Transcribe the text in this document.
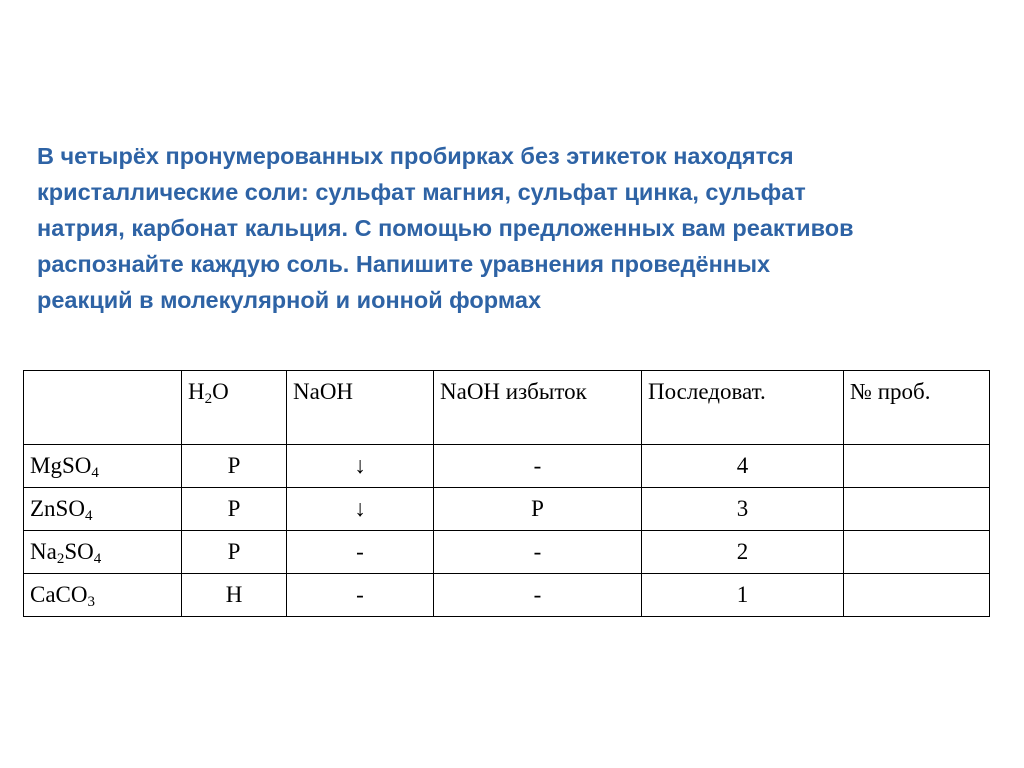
В четырёх пронумерованных пробирках без этикеток находятся
кристаллические соли: сульфат магния, сульфат цинка, сульфат
натрия, карбонат кальция. С помощью предложенных вам реактивов
распознайте каждую соль. Напишите уравнения проведённых
реакций в молекулярной и ионной формах

	$H_2O$	NaOH	NaOH избыток	Последоват.	№ проб.
MgSO$_4$	Р	↓	-	4	
ZnSO$_4$	Р	↓	Р	3	
$Na_2SO_4$	Р	-	-	2	
CaCO$_3$	Н	-	-	1	
